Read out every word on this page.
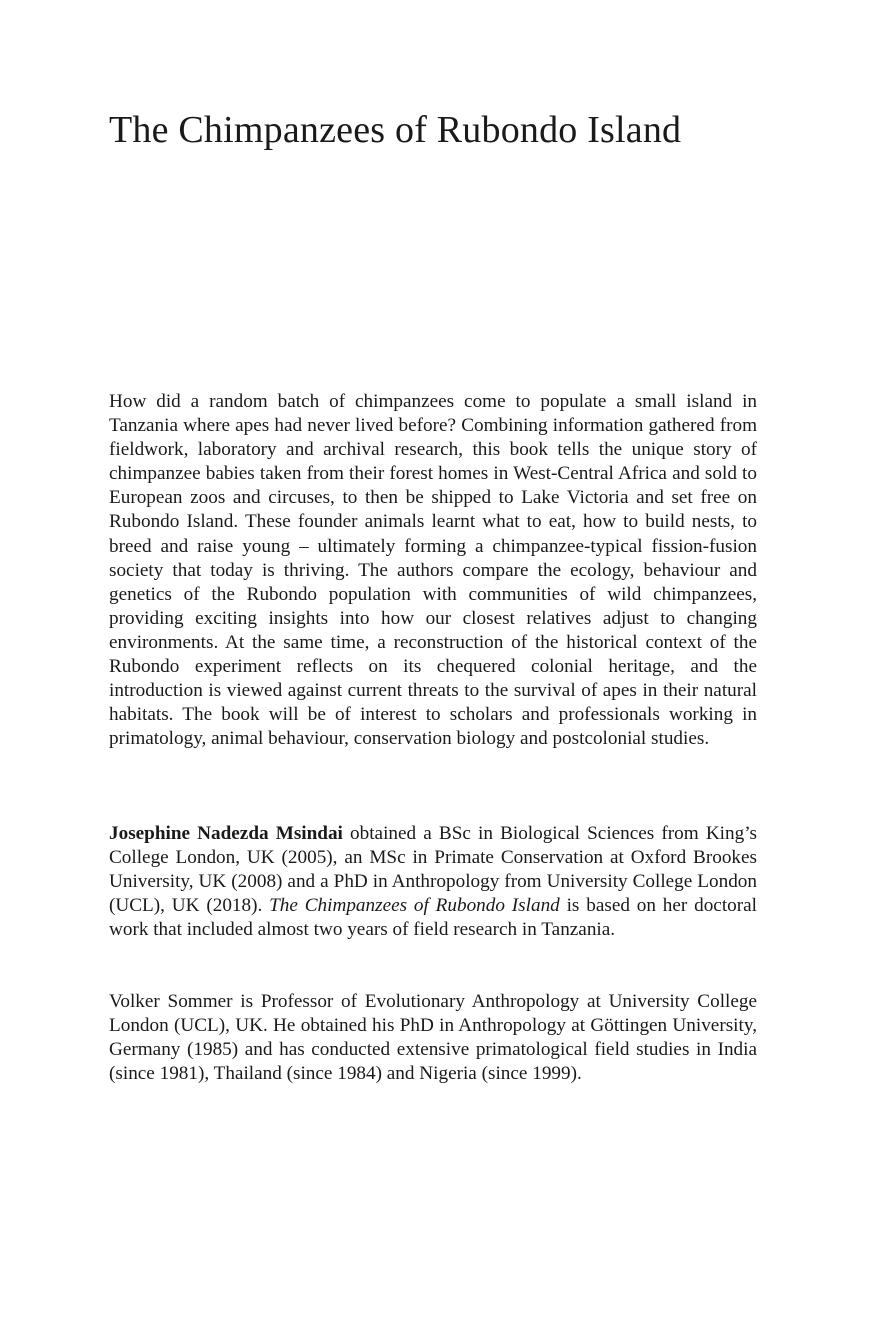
The Chimpanzees of Rubondo Island

How did a random batch of chimpanzees come to populate a small island in Tanzania where apes had never lived before? Combining information gathered from fieldwork, laboratory and archival research, this book tells the unique story of chimpanzee babies taken from their forest homes in West-Central Africa and sold to European zoos and circuses, to then be shipped to Lake Victoria and set free on Rubondo Island. These founder animals learnt what to eat, how to build nests, to breed and raise young – ultimately forming a chimpanzee-typical fission-fusion society that today is thriving. The authors compare the ecology, behaviour and genetics of the Rubondo population with communities of wild chimpanzees, providing exciting insights into how our closest relatives adjust to changing environments. At the same time, a reconstruction of the historical context of the Rubondo experiment reflects on its chequered colonial heritage, and the introduction is viewed against current threats to the survival of apes in their natural habitats. The book will be of interest to scholars and professionals working in primatology, animal behaviour, conservation biology and postcolonial studies.

Josephine Nadezda Msindai obtained a BSc in Biological Sciences from King’s College London, UK (2005), an MSc in Primate Conservation at Oxford Brookes University, UK (2008) and a PhD in Anthropology from University College London (UCL), UK (2018). The Chimpanzees of Rubondo Island is based on her doctoral work that included almost two years of field research in Tanzania.

Volker Sommer is Professor of Evolutionary Anthropology at University College London (UCL), UK. He obtained his PhD in Anthropology at Göttingen University, Germany (1985) and has conducted extensive primatological field studies in India (since 1981), Thailand (since 1984) and Nigeria (since 1999).
